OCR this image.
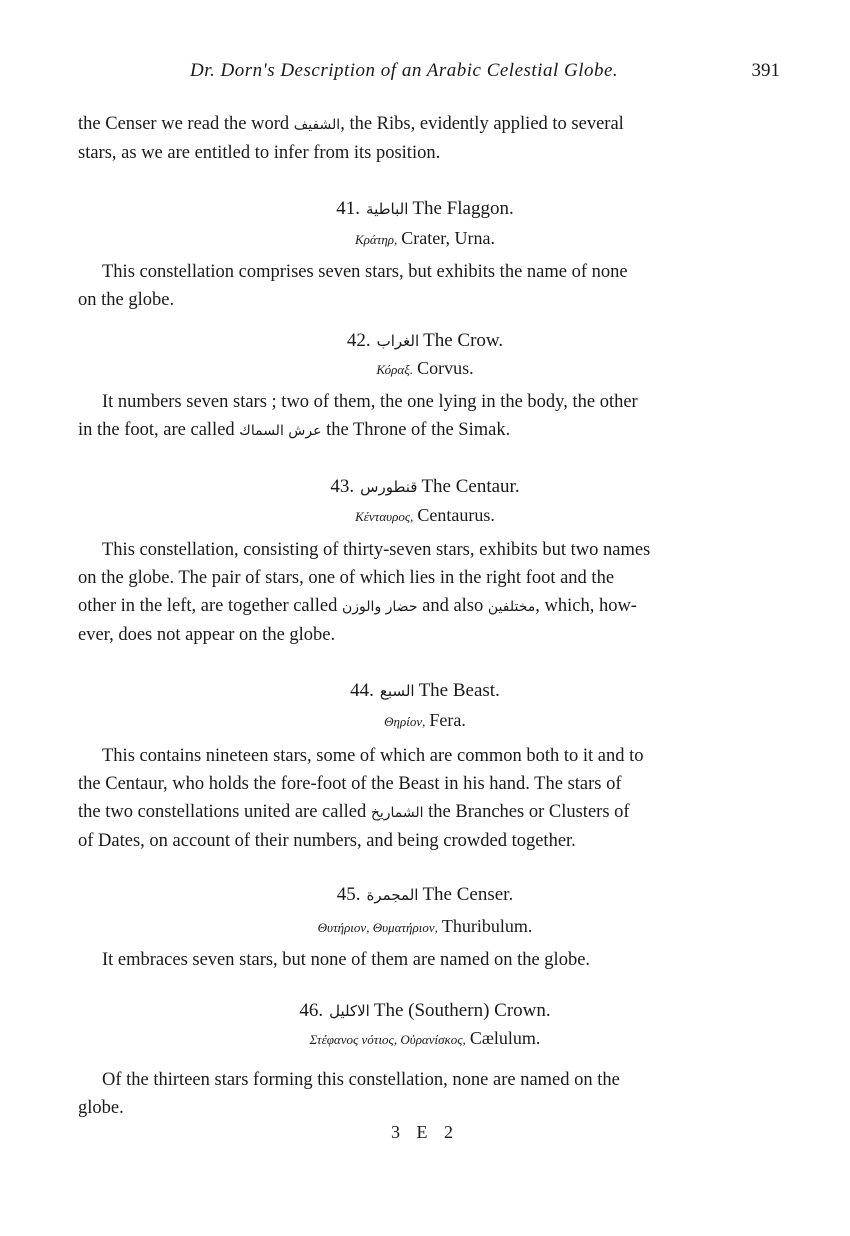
Dr. Dorn's Description of an Arabic Celestial Globe.	391
the Censer we read the word الشفيف, the Ribs, evidently applied to several
stars, as we are entitled to infer from its position.
41. الباطية The Flaggon.
Κράτηρ, Crater, Urna.
This constellation comprises seven stars, but exhibits the name of none
on the globe.
42. الغراب The Crow.
Κόραξ. Corvus.
It numbers seven stars ; two of them, the one lying in the body, the other
in the foot, are called عرش السماك the Throne of the Simak.
43. قنطورس The Centaur.
Κένταυρος, Centaurus.
This constellation, consisting of thirty-seven stars, exhibits but two names
on the globe. The pair of stars, one of which lies in the right foot and the
other in the left, are together called حضار والوزن and also مختلفين, which, how-
ever, does not appear on the globe.
44. السبع The Beast.
Θηρίον, Fera.
This contains nineteen stars, some of which are common both to it and to
the Centaur, who holds the fore-foot of the Beast in his hand. The stars of
the two constellations united are called الشماريخ the Branches or Clusters of
of Dates, on account of their numbers, and being crowded together.
45. المجمرة The Censer.
Θυτήριον, Θυματήριον, Thuribulum.
It embraces seven stars, but none of them are named on the globe.
46. الاكليل The (Southern) Crown.
Στέφανος νότιος, Οὐρανίσκος, Cælulum.
Of the thirteen stars forming this constellation, none are named on the
globe.
3 E 2
